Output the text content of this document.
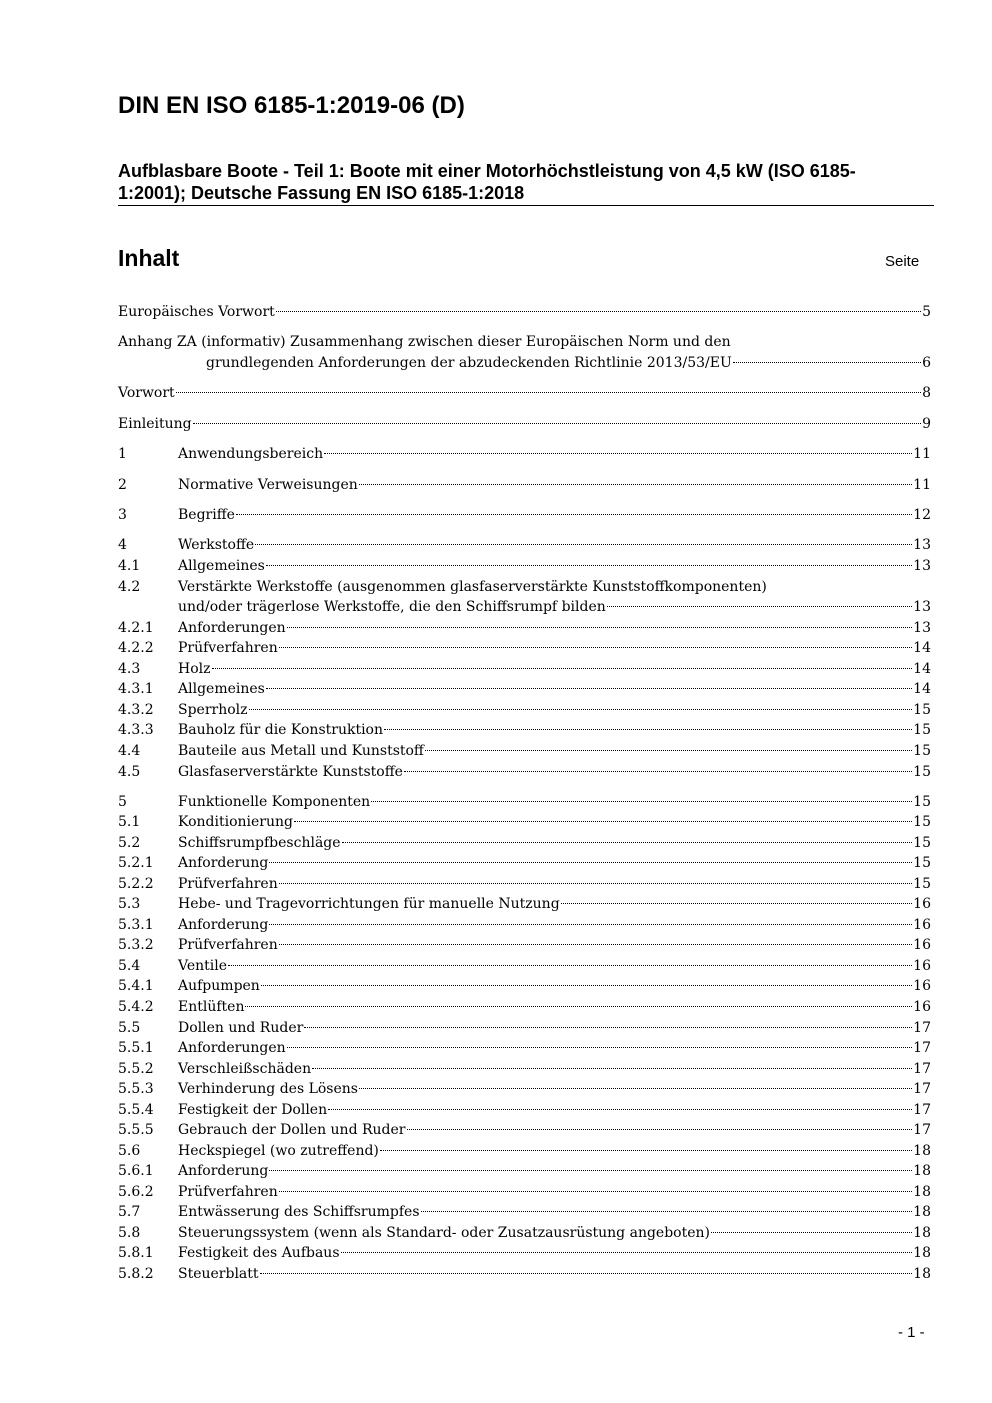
DIN EN ISO 6185-1:2019-06 (D)

Aufblasbare Boote - Teil 1: Boote mit einer Motorhöchstleistung von 4,5 kW (ISO 6185-1:2001); Deutsche Fassung EN ISO 6185-1:2018

Inhalt	Seite
Europäisches Vorwort	5
Anhang ZA (informativ) Zusammenhang zwischen dieser Europäischen Norm und den
grundlegenden Anforderungen der abzudeckenden Richtlinie 2013/53/EU	6
Vorwort	8
Einleitung	9
1	Anwendungsbereich	11
2	Normative Verweisungen	11
3	Begriffe	12
4	Werkstoffe	13
4.1	Allgemeines	13
4.2	Verstärkte Werkstoffe (ausgenommen glasfaserverstärkte Kunststoffkomponenten)
und/oder trägerlose Werkstoffe, die den Schiffsrumpf bilden	13
4.2.1 Anforderungen	13
4.2.2 Prüfverfahren	14
4.3	Holz	14
4.3.1 Allgemeines	14
4.3.2 Sperrholz	15
4.3.3 Bauholz für die Konstruktion	15
4.4	Bauteile aus Metall und Kunststoff	15
4.5	Glasfaserverstärkte Kunststoffe	15
5	Funktionelle Komponenten	15
5.1	Konditionierung	15
5.2	Schiffsrumpfbeschläge	15
5.2.1 Anforderung	15
5.2.2 Prüfverfahren	15
5.3	Hebe- und Tragevorrichtungen für manuelle Nutzung	16
5.3.1 Anforderung	16
5.3.2 Prüfverfahren	16
5.4	Ventile	16
5.4.1 Aufpumpen	16
5.4.2 Entlüften	16
5.5	Dollen und Ruder	17
5.5.1 Anforderungen	17
5.5.2 Verschleißschäden	17
5.5.3 Verhinderung des Lösens	17
5.5.4 Festigkeit der Dollen	17
5.5.5 Gebrauch der Dollen und Ruder	17
5.6	Heckspiegel (wo zutreffend)	18
5.6.1 Anforderung	18
5.6.2 Prüfverfahren	18
5.7	Entwässerung des Schiffsrumpfes	18
5.8	Steuerungssystem (wenn als Standard- oder Zusatzausrüstung angeboten)	18
5.8.1 Festigkeit des Aufbaus	18
5.8.2 Steuerblatt	18
- 1 -
